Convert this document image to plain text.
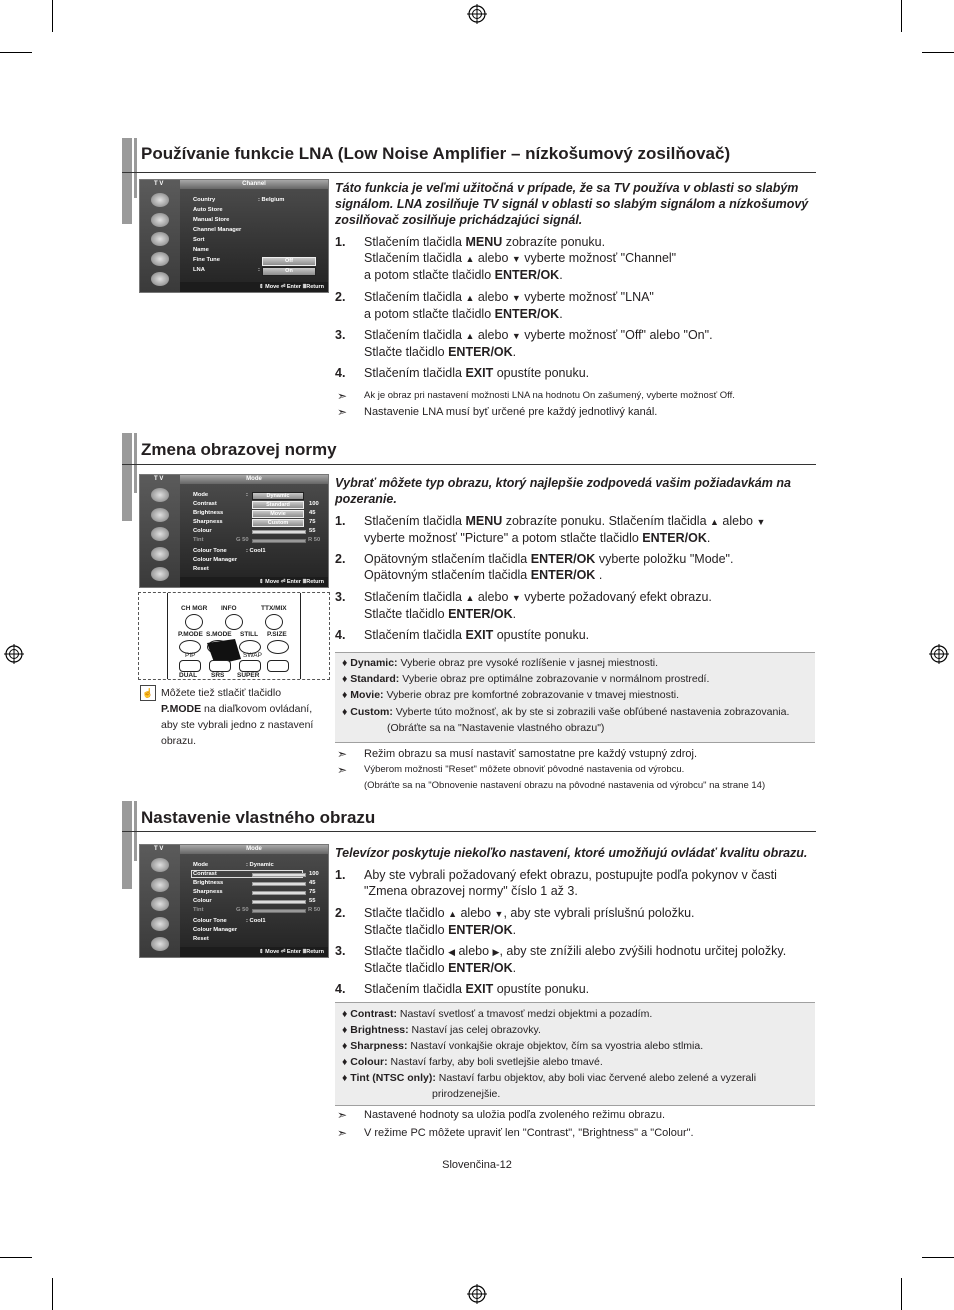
Používanie funkcie LNA (Low Noise Amplifier – nízkošumový zosilňovač)
T V	Channel
Country	: Belgium
Auto Store
Manual Store
Channel Manager
Sort
Name
Fine Tune
LNA	:
Off
On
⇕ Move ⏎ Enter ⅢReturn
Táto funkcia je veľmi užitočná v prípade, že sa TV používa v oblasti so slabým signálom. LNA zosilňuje TV signál v oblasti so slabým signálom a nízkošumový zosilňovač zosilňuje prichádzajúci signál.
1. Stlačením tlačidla MENU zobrazíte ponuku.
Stlačením tlačidla ▲ alebo ▼ vyberte možnosť "Channel"
a potom stlačte tlačidlo ENTER/OK.
2. Stlačením tlačidla ▲ alebo ▼ vyberte možnosť "LNA"
a potom stlačte tlačidlo ENTER/OK.
3. Stlačením tlačidla ▲ alebo ▼ vyberte možnosť "Off" alebo "On".
Stlačte tlačidlo ENTER/OK.
4. Stlačením tlačidla EXIT opustíte ponuku.
➣ Ak je obraz pri nastavení možnosti LNA na hodnotu On zašumený, vyberte možnosť Off.
➣ Nastavenie LNA musí byť určené pre každý jednotlivý kanál.
Zmena obrazovej normy
T V	Mode
Mode	:	Dynamic
Contrast	Standard	100
Brightness	Movie	45
Sharpness	Custom	75
Colour	55
Tint	G 50	R 50
Colour Tone	: Cool1
Colour Manager
Reset
⇕ Move ⏎ Enter ⅢReturn
CH MGR INFO	TTX/MIX
P.MODE S.MODE STILL P.SIZE
PIP	SWAP
DUAL SRS SUPER
☝ Môžete tiež stlačiť tlačidlo P.MODE na diaľkovom ovládaní, aby ste vybrali jedno z nastavení obrazu.
Vybrať môžete typ obrazu, ktorý najlepšie zodpovedá vašim požiadavkám na pozeranie.
1. Stlačením tlačidla MENU zobrazíte ponuku. Stlačením tlačidla ▲ alebo ▼
vyberte možnosť "Picture" a potom stlačte tlačidlo ENTER/OK.
2. Opätovným stlačením tlačidla ENTER/OK vyberte položku "Mode".
Opätovným stlačením tlačidla ENTER/OK .
3. Stlačením tlačidla ▲ alebo ▼ vyberte požadovaný efekt obrazu.
Stlačte tlačidlo ENTER/OK.
4. Stlačením tlačidla EXIT opustíte ponuku.
♦ Dynamic: Vyberie obraz pre vysoké rozlíšenie v jasnej miestnosti.
♦ Standard: Vyberie obraz pre optimálne zobrazovanie v normálnom prostredí.
♦ Movie: Vyberie obraz pre komfortné zobrazovanie v tmavej miestnosti.
♦ Custom: Vyberte túto možnosť, ak by ste si zobrazili vaše obľúbené nastavenia zobrazovania.
(Obráťte sa na "Nastavenie vlastného obrazu")
➣ Režim obrazu sa musí nastaviť samostatne pre každý vstupný zdroj.
➣ Výberom možnosti "Reset" môžete obnoviť pôvodné nastavenia od výrobcu.
(Obráťte sa na "Obnovenie nastavení obrazu na pôvodné nastavenia od výrobcu" na strane 14)
Nastavenie vlastného obrazu
T V	Mode
Mode	: Dynamic
Contrast	100
Brightness	45
Sharpness	75
Colour	55
Tint	G 50	R 50
Colour Tone	: Cool1
Colour Manager
Reset
⇕ Move ⏎ Enter ⅢReturn
Televízor poskytuje niekoľko nastavení, ktoré umožňujú ovládať kvalitu obrazu.
1. Aby ste vybrali požadovaný efekt obrazu, postupujte podľa pokynov v časti
"Zmena obrazovej normy" číslo 1 až 3.
2. Stlačte tlačidlo ▲ alebo ▼, aby ste vybrali príslušnú položku.
Stlačte tlačidlo ENTER/OK.
3. Stlačte tlačidlo ◀ alebo ▶, aby ste znížili alebo zvýšili hodnotu určitej položky.
Stlačte tlačidlo ENTER/OK.
4. Stlačením tlačidla EXIT opustíte ponuku.
♦ Contrast: Nastaví svetlosť a tmavosť medzi objektmi a pozadím.
♦ Brightness: Nastaví jas celej obrazovky.
♦ Sharpness: Nastaví vonkajšie okraje objektov, čím sa vyostria alebo stlmia.
♦ Colour: Nastaví farby, aby boli svetlejšie alebo tmavé.
♦ Tint (NTSC only): Nastaví farbu objektov, aby boli viac červené alebo zelené a vyzerali
prirodzenejšie.
➣ Nastavené hodnoty sa uložia podľa zvoleného režimu obrazu.
➣ V režime PC môžete upraviť len "Contrast", "Brightness" a "Colour".
Slovenčina-12
